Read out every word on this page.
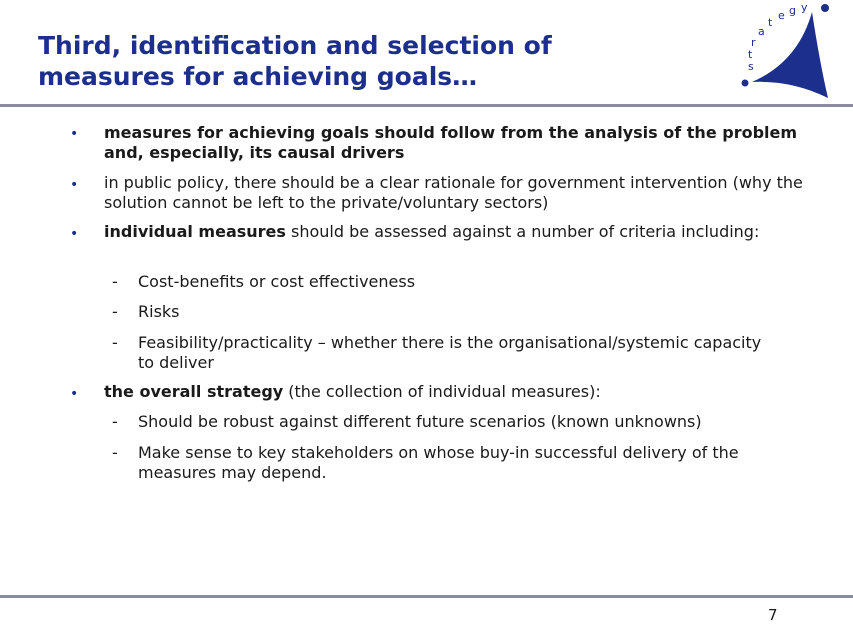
Third, identification and selection of
measures for achieving goals…	s
t
r
a
t
e g y
u
n
i
t
• measures for achieving goals should follow from the analysis of the problem and, especially, its causal drivers
• in public policy, there should be a clear rationale for government intervention (why the solution cannot be left to the private/voluntary sectors)
• individual measures should be assessed against a number of criteria including:
- Cost-benefits or cost effectiveness
- Risks
- Feasibility/practicality – whether there is the organisational/systemic capacity to deliver
• the overall strategy (the collection of individual measures):
- Should be robust against different future scenarios (known unknowns)
- Make sense to key stakeholders on whose buy-in successful delivery of the measures may depend.
7
